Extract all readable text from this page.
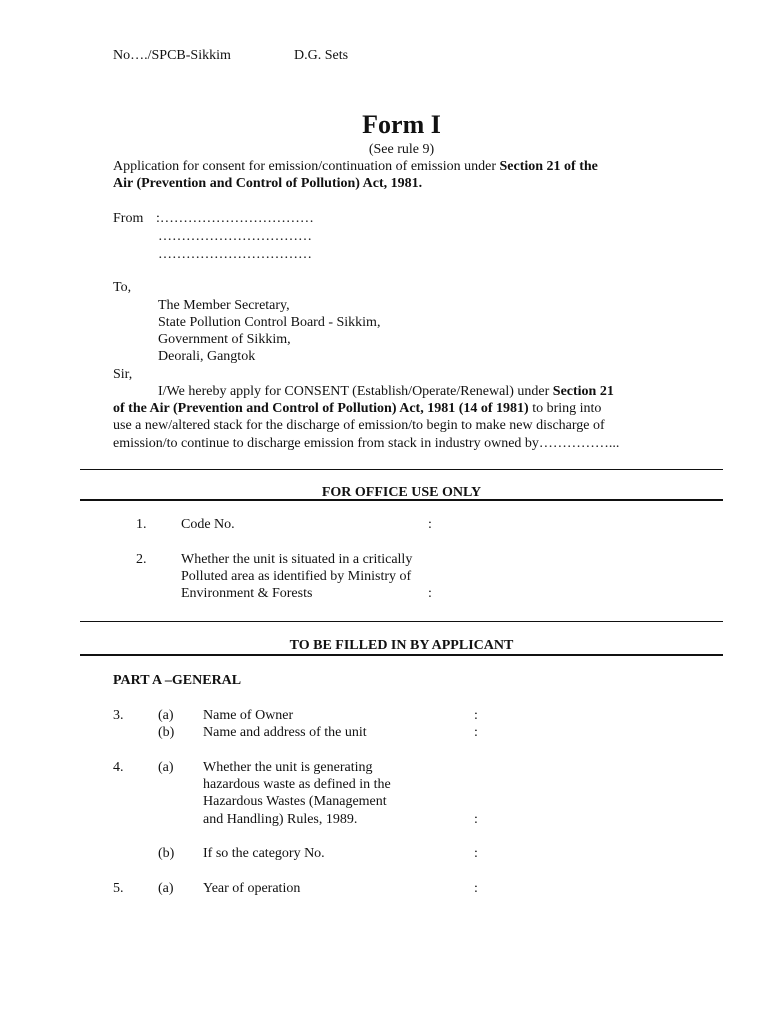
No…./SPCB-Sikkim	D.G. Sets
Form I
(See rule 9)
Application for consent for emission/continuation of emission under Section 21 of the
Air (Prevention and Control of Pollution) Act, 1981.
From :……………………………
……………………………
……………………………
To,
The Member Secretary,
State Pollution Control Board - Sikkim,
Government of Sikkim,
Deorali, Gangtok
Sir,
I/We hereby apply for CONSENT (Establish/Operate/Renewal) under Section 21
of the Air (Prevention and Control of Pollution) Act, 1981 (14 of 1981) to bring into
use a new/altered stack for the discharge of emission/to begin to make new discharge of
emission/to continue to discharge emission from stack in industry owned by……………...
FOR OFFICE USE ONLY
1. Code No.	:
2. Whether the unit is situated in a critically
Polluted area as identified by Ministry of
Environment & Forests	:
TO BE FILLED IN BY APPLICANT
PART A –GENERAL
3. (a) Name of Owner	:
(b) Name and address of the unit	:
4. (a) Whether the unit is generating
hazardous waste as defined in the
Hazardous Wastes (Management
and Handling) Rules, 1989.	:
(b) If so the category No.	:
5. (a) Year of operation	:
